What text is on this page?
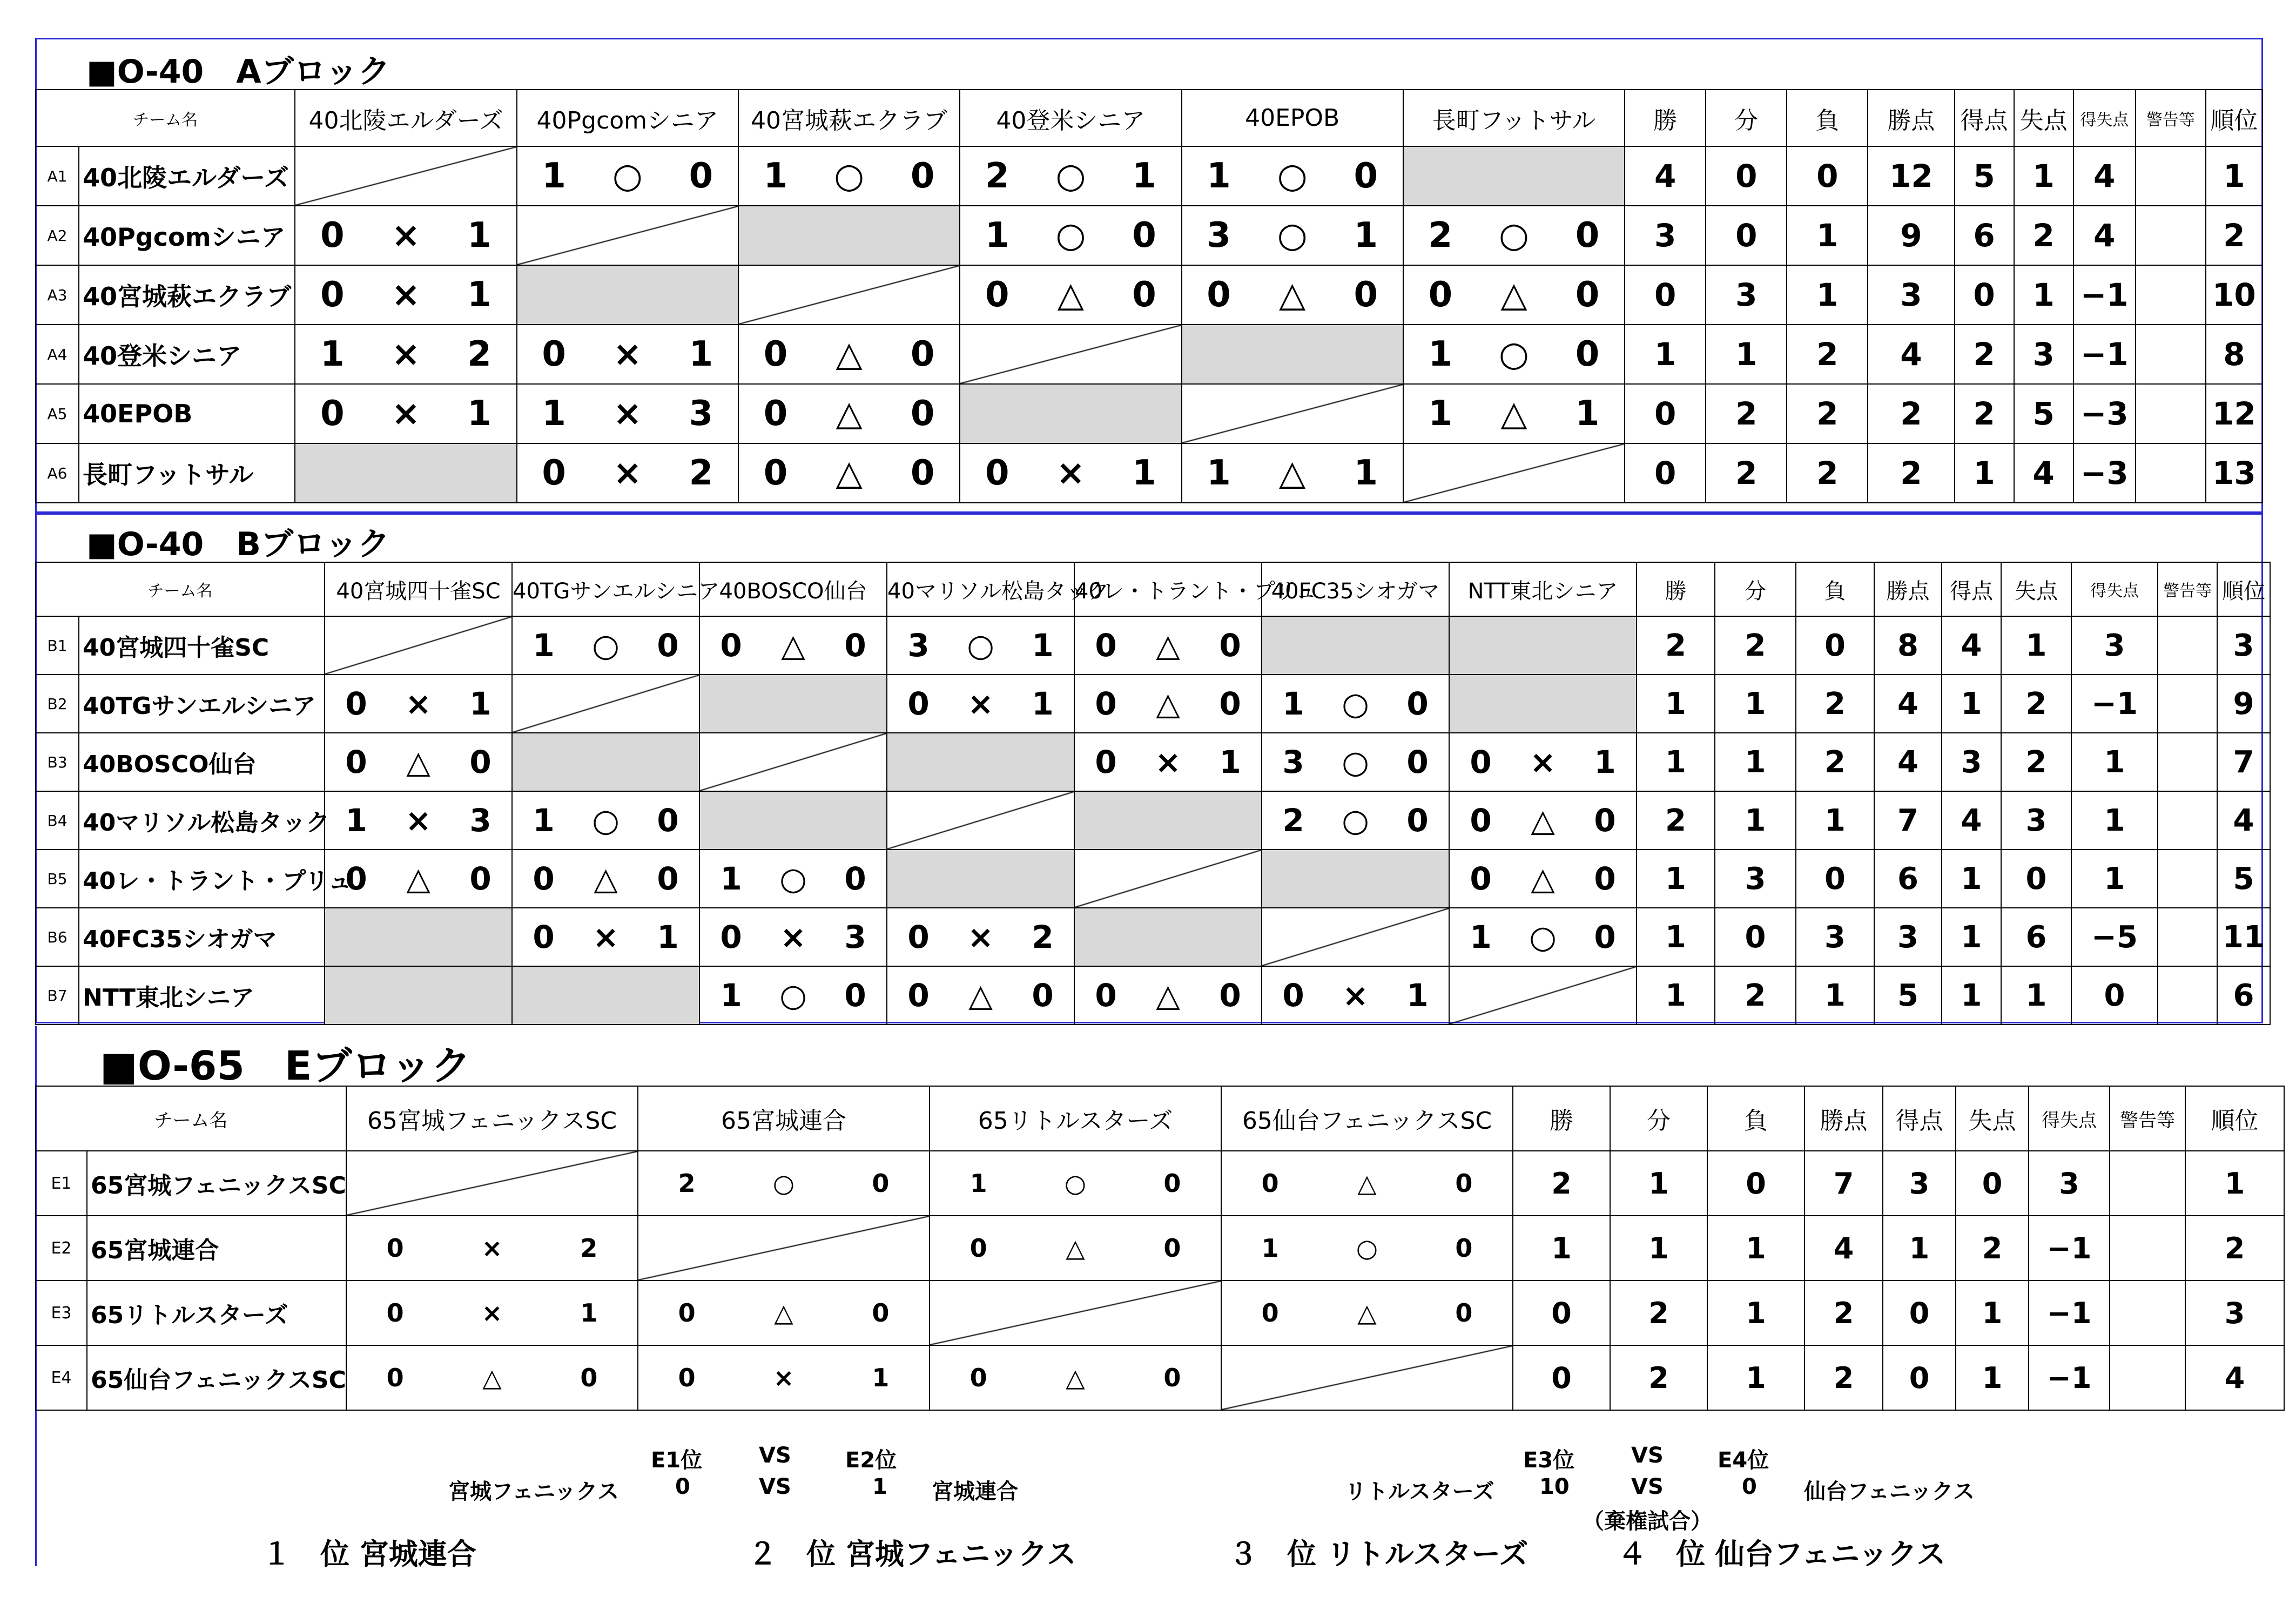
■O-40　Aブロック
チーム名		40北陵エルダーズ	40Pgcomシニア	40宮城萩エクラブ	40登米シニア	40EPOB	長町フットサル	勝	分	負	勝点	得点	失点	得失点	警告等	順位
A1	40北陵エルダーズ		1 ○ 0	1 ○ 0	2 ○ 1	1 ○ 0		4	0	0	12	5	1	4		1
A2	40Pgcomシニア	0 × 1			1 ○ 0	3 ○ 1	2 ○ 0	3	0	1	9	6	2	4		2
A3	40宮城萩エクラブ	0 × 1			0 △ 0	0 △ 0	0 △ 0	0	3	1	3	0	1	−1		10
A4	40登米シニア	1 × 2	0 × 1	0 △ 0			1 ○ 0	1	1	2	4	2	3	−1		8
A5	40EPOB	0 × 1	1 × 3	0 △ 0			1 △ 1	0	2	2	2	2	5	−3		12
A6	長町フットサル		0 × 2	0 △ 0	0 × 1	1 △ 1		0	2	2	2	1	4	−3		13
■O-40　Bブロック
チーム名		40宮城四十雀SC	40TGサンエルシニア	40BOSCO仙台	40マリソル松島タック	40レ・トラント・プリュ	40FC35シオガマ	NTT東北シニア	勝	分	負	勝点	得点	失点	得失点	警告等	順位
B1	40宮城四十雀SC		1 ○ 0	0 △ 0	3 ○ 1	0 △ 0			2	2	0	8	4	1	3		3
B2	40TGサンエルシニア	0 × 1			0 × 1	0 △ 0	1 ○ 0		1	1	2	4	1	2	−1		9
B3	40BOSCO仙台	0 △ 0				0 × 1	3 ○ 0	0 × 1	1	1	2	4	3	2	1		7
B4	40マリソル松島タック	1 × 3	1 ○ 0				2 ○ 0	0 △ 0	2	1	1	7	4	3	1		4
B5	40レ・トラント・プリュ	0 △ 0	0 △ 0	1 ○ 0				0 △ 0	1	3	0	6	1	0	1		5
B6	40FC35シオガマ		0 × 1	0 × 3	0 × 2			1 ○ 0	1	0	3	3	1	6	−5		11
B7	NTT東北シニア			1 ○ 0	0 △ 0	0 △ 0	0 × 1		1	2	1	5	1	1	0		6
■O-65　Eブロック
チーム名		65宮城フェニックスSC	65宮城連合	65リトルスターズ	65仙台フェニックスSC	勝	分	負	勝点	得点	失点	得失点	警告等	順位
E1	65宮城フェニックスSC		2 ○ 0	1 ○ 0	0 △ 0	2	1	0	7	3	0	3		1
E2	65宮城連合	0 × 2		0 △ 0	1 ○ 0	1	1	1	4	1	2	−1		2
E3	65リトルスターズ	0 × 1	0 △ 0		0 △ 0	0	2	1	2	0	1	−1		3
E4	65仙台フェニックスSC	0 △ 0	0 × 1	0 △ 0		0	2	1	2	0	1	−1		4
E1位	VS	E2位
宮城フェニックス	0	VS	1 宮城連合
E3位	VS	E4位
リトルスターズ 10	VS	0 仙台フェニックス
（棄権試合）
１　位 宮城連合	２　位 宮城フェニックス	３　位 リトルスターズ	４　位 仙台フェニックス
